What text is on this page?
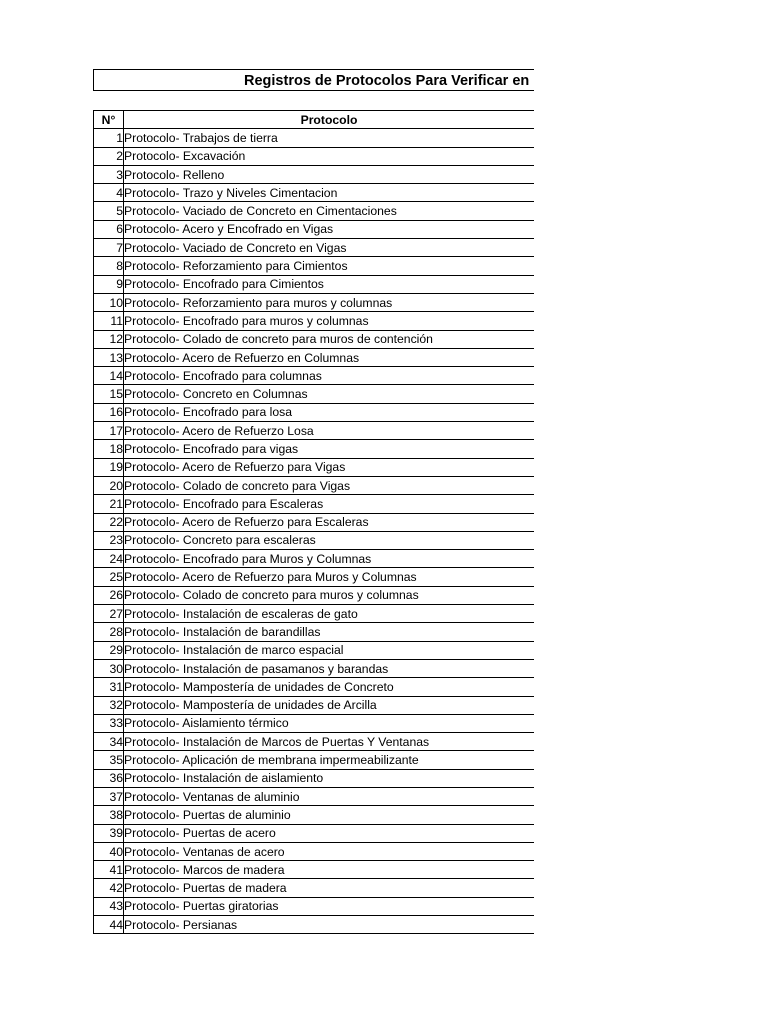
Registros de Protocolos Para Verificar en
N°	Protocolo
1	Protocolo- Trabajos de tierra
2	Protocolo- Excavación
3	Protocolo- Relleno
4	Protocolo- Trazo y Niveles Cimentacion
5	Protocolo- Vaciado de Concreto en Cimentaciones
6	Protocolo- Acero y Encofrado en Vigas
7	Protocolo- Vaciado de Concreto en Vigas
8	Protocolo- Reforzamiento para Cimientos
9	Protocolo- Encofrado para Cimientos
10	Protocolo- Reforzamiento para muros y columnas
11	Protocolo- Encofrado para muros y columnas
12	Protocolo- Colado de concreto para muros de contención
13	Protocolo- Acero de Refuerzo en Columnas
14	Protocolo- Encofrado para columnas
15	Protocolo- Concreto en Columnas
16	Protocolo- Encofrado para losa
17	Protocolo- Acero de Refuerzo Losa
18	Protocolo- Encofrado para vigas
19	Protocolo- Acero de Refuerzo para Vigas
20	Protocolo- Colado de concreto para Vigas
21	Protocolo- Encofrado para Escaleras
22	Protocolo- Acero de Refuerzo para Escaleras
23	Protocolo- Concreto para escaleras
24	Protocolo- Encofrado para Muros y Columnas
25	Protocolo- Acero de Refuerzo para Muros y Columnas
26	Protocolo- Colado de concreto para muros y columnas
27	Protocolo- Instalación de escaleras de gato
28	Protocolo- Instalación de barandillas
29	Protocolo- Instalación de marco espacial
30	Protocolo- Instalación de pasamanos y barandas
31	Protocolo- Mampostería de unidades de Concreto
32	Protocolo- Mampostería de unidades de Arcilla
33	Protocolo- Aislamiento térmico
34	Protocolo- Instalación de Marcos de Puertas Y Ventanas
35	Protocolo- Aplicación de membrana impermeabilizante
36	Protocolo- Instalación de aislamiento
37	Protocolo- Ventanas de aluminio
38	Protocolo- Puertas de aluminio
39	Protocolo- Puertas de acero
40	Protocolo- Ventanas de acero
41	Protocolo- Marcos de madera
42	Protocolo- Puertas de madera
43	Protocolo- Puertas giratorias
44	Protocolo- Persianas
